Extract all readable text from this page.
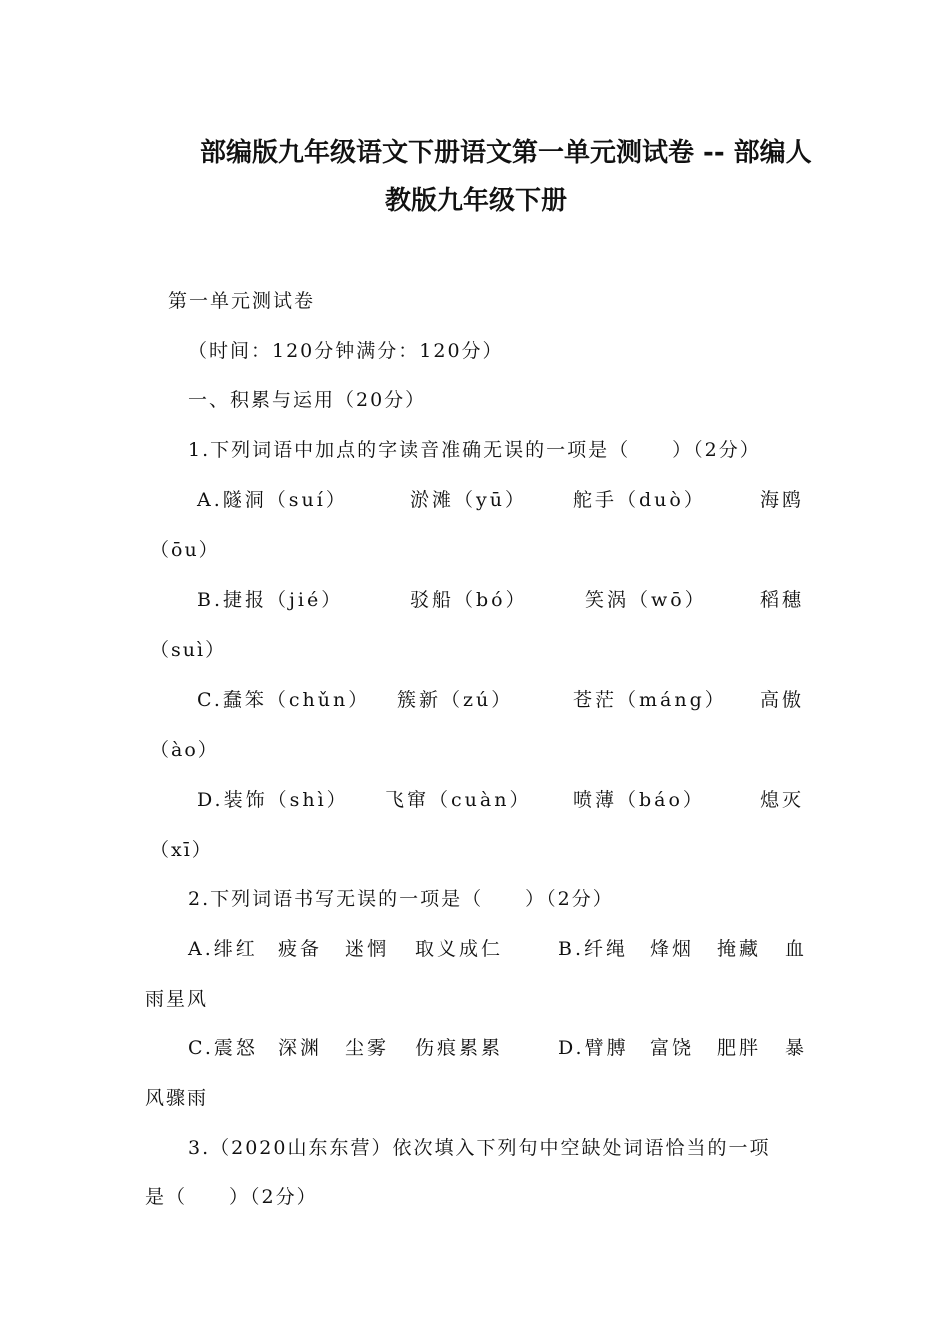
部编版九年级语文下册语文第一单元测试卷 -- 部编人
教版九年级下册
第一单元测试卷
（时间：120分钟满分：120分）
一、积累与运用（20分）
1.下列词语中加点的字读音准确无误的一项是（　　）（2分）
A.隧洞（suí）	淤滩（yū） 舵手（duò）	海鸥
（ōu）
B.捷报（jié）	驳船（bó）	笑涡（wō）	稻穗
（suì）
C.蠢笨（chǔn） 簇新（zú）	苍茫（máng） 高傲
（ào）
D.装饰（shì） 飞窜（cuàn） 喷薄（báo）	熄灭
（xī）
2.下列词语书写无误的一项是（　　）（2分）
A.绯红 疲备 迷惘 取义成仁	B.纤绳 烽烟 掩藏 血
雨星风
C.震怒 深渊 尘雾 伤痕累累	D.臂膊 富饶 肥胖 暴
风骤雨
3.（2020山东东营）依次填入下列句中空缺处词语恰当的一项
是（　　）（2分）
